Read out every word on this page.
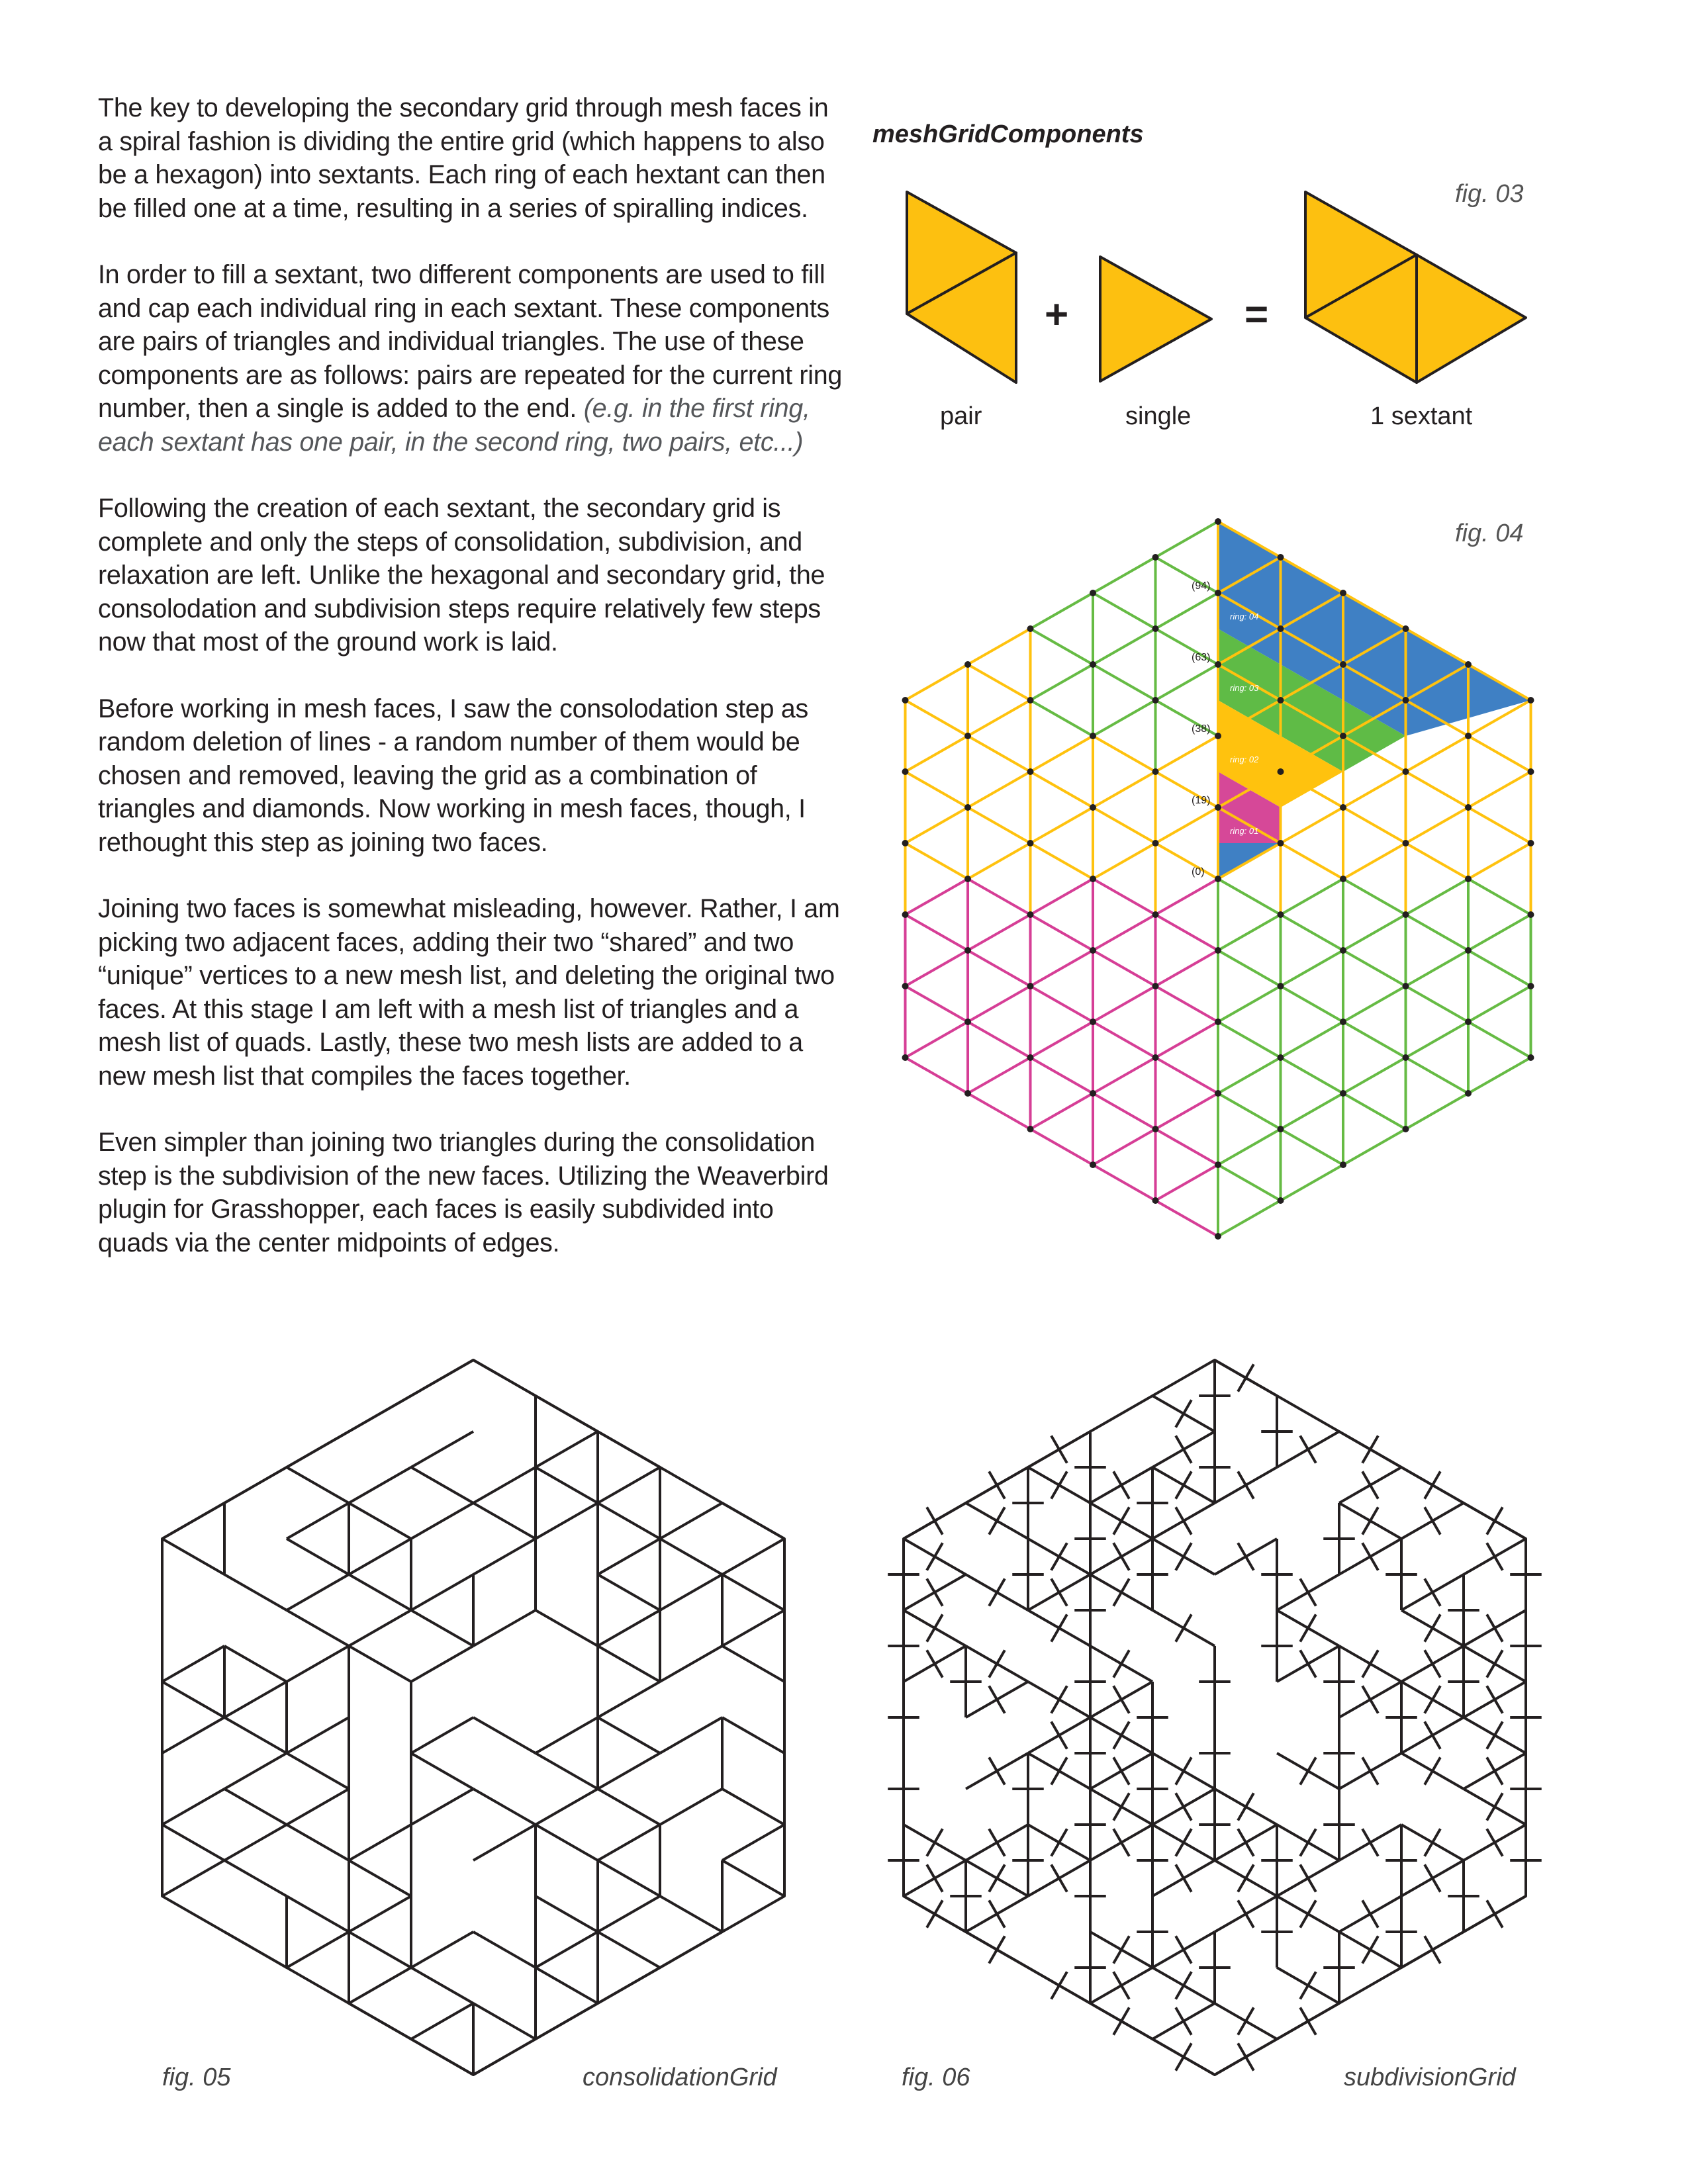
The key to developing the secondary grid through mesh faces in a spiral fashion is dividing the entire grid (which happens to also be a hexagon) into sextants. Each ring of each hextant can then be filled one at a time, resulting in a series of spiralling indices.

In order to fill a sextant, two different components are used to fill and cap each individual ring in each sextant. These components are pairs of triangles and individual triangles. The use of these components are as follows: pairs are repeated for the current ring number, then a single is added to the end. (e.g. in the first ring, each sextant has one pair, in the second ring, two pairs, etc...)

Following the creation of each sextant, the secondary grid is complete and only the steps of consolidation, subdivision, and relaxation are left. Unlike the hexagonal and secondary grid, the consolodation and subdivision steps require relatively few steps now that most of the ground work is laid.

Before working in mesh faces, I saw the consolodation step as random deletion of lines - a random number of them would be chosen and removed, leaving the grid as a combination of triangles and diamonds. Now working in mesh faces, though, I rethought this step as joining two faces.

Joining two faces is somewhat misleading, however. Rather, I am picking two adjacent faces, adding their two “shared” and two “unique” vertices to a new mesh list, and deleting the original two faces. At this stage I am left with a mesh list of triangles and a mesh list of quads. Lastly, these two mesh lists are added to a new mesh list that compiles the faces together.

Even simpler than joining two triangles during the consolidation step is the subdivision of the new faces. Utilizing the Weaverbird plugin for Grasshopper, each faces is easily subdivided into quads via the center midpoints of edges.

meshGridComponents
fig. 03
+	=
pair	single	1 sextant
fig. 04
ring: 01
ring: 02
ring: 03
ring: 04
(0)
(19)
(38)
(63)
(94)
fig. 05	consolidationGrid	fig. 06	subdivisionGrid
